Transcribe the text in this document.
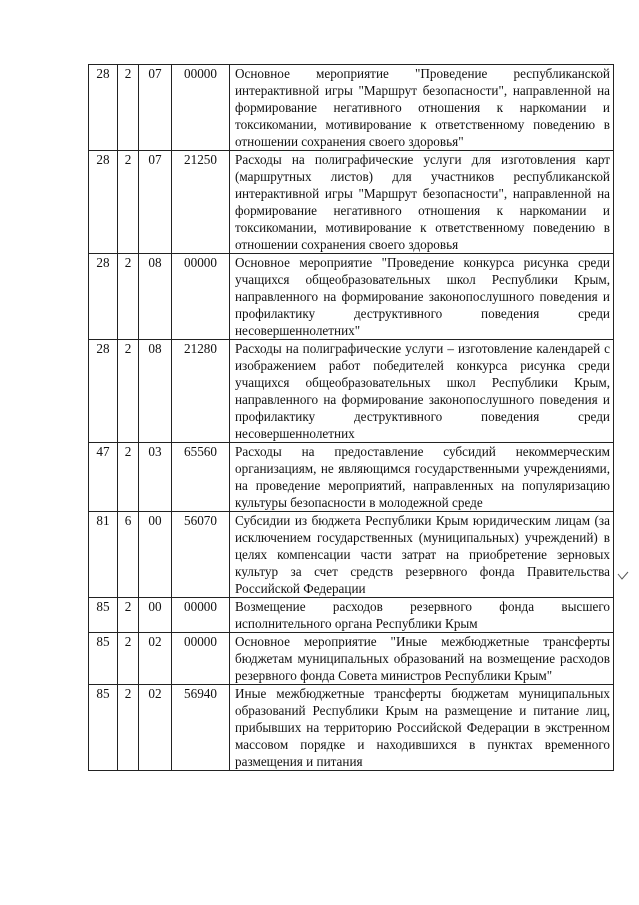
28	2	07	00000	Основное мероприятие "Проведение республиканской интерактивной игры "Маршрут безопасности", направленной на формирование негативного отношения к наркомании и токсикомании, мотивирование к ответственному поведению в отношении сохранения своего здоровья"
28	2	07	21250	Расходы на полиграфические услуги для изготовления карт (маршрутных листов) для участников республиканской интерактивной игры "Маршрут безопасности", направленной на формирование негативного отношения к наркомании и токсикомании, мотивирование к ответственному поведению в отношении сохранения своего здоровья
28	2	08	00000	Основное мероприятие "Проведение конкурса рисунка среди учащихся общеобразовательных школ Республики Крым, направленного на формирование законопослушного поведения и профилактику деструктивного поведения среди несовершеннолетних"
28	2	08	21280	Расходы на полиграфические услуги – изготовление календарей с изображением работ победителей конкурса рисунка среди учащихся общеобразовательных школ Республики Крым, направленного на формирование законопослушного поведения и профилактику деструктивного поведения среди несовершеннолетних
47	2	03	65560	Расходы на предоставление субсидий некоммерческим организациям, не являющимся государственными учреждениями, на проведение мероприятий, направленных на популяризацию культуры безопасности в молодежной среде
81	6	00	56070	Субсидии из бюджета Республики Крым юридическим лицам (за исключением государственных (муниципальных) учреждений) в целях компенсации части затрат на приобретение зерновых культур за счет средств резервного фонда Правительства Российской Федерации
85	2	00	00000	Возмещение расходов резервного фонда высшего исполнительного органа Республики Крым
85	2	02	00000	Основное мероприятие "Иные межбюджетные трансферты бюджетам муниципальных образований на возмещение расходов резервного фонда Совета министров Республики Крым"
85	2	02	56940	Иные межбюджетные трансферты бюджетам муниципальных образований Республики Крым на размещение и питание лиц, прибывших на территорию Российской Федерации в экстренном массовом порядке и находившихся в пунктах временного размещения и питания
